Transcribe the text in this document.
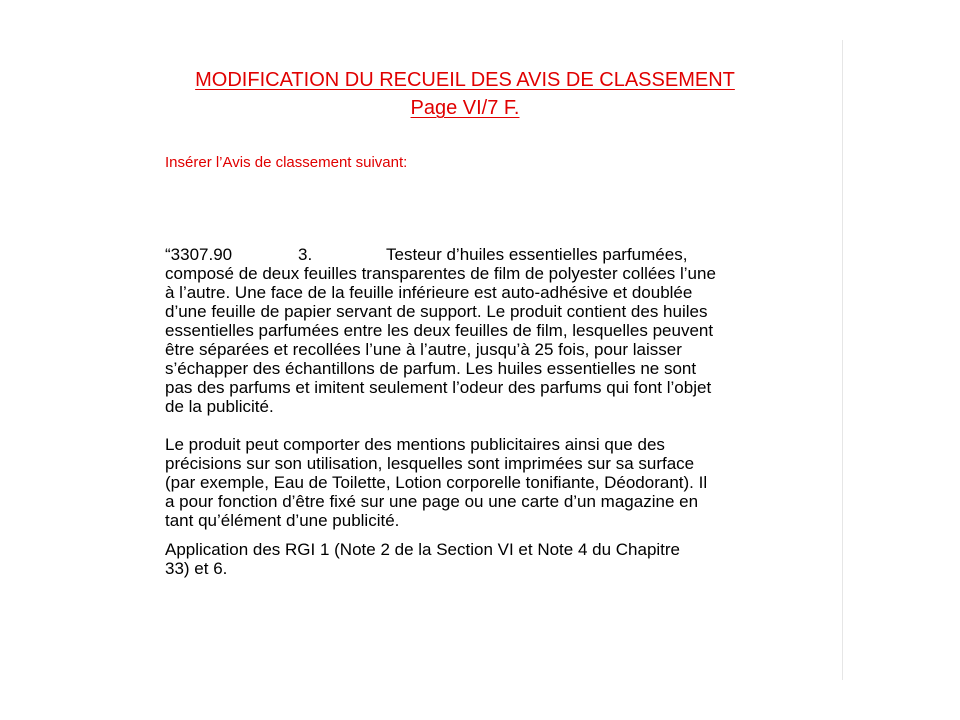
MODIFICATION DU RECUEIL DES AVIS DE CLASSEMENT
Page VI/7 F.
Insérer l’Avis de classement suivant:
“3307.90	3.	Testeur d’huiles essentielles parfumées,
composé de deux feuilles transparentes de film de polyester collées l’une
à l’autre. Une face de la feuille inférieure est auto-adhésive et doublée
d’une feuille de papier servant de support. Le produit contient des huiles
essentielles parfumées entre les deux feuilles de film, lesquelles peuvent
être séparées et recollées l’une à l’autre, jusqu’à 25 fois, pour laisser
s’échapper des échantillons de parfum. Les huiles essentielles ne sont
pas des parfums et imitent seulement l’odeur des parfums qui font l’objet
de la publicité.
Le produit peut comporter des mentions publicitaires ainsi que des
précisions sur son utilisation, lesquelles sont imprimées sur sa surface
(par exemple, Eau de Toilette, Lotion corporelle tonifiante, Déodorant). Il
a pour fonction d’être fixé sur une page ou une carte d’un magazine en
tant qu’élément d’une publicité.
Application des RGI 1 (Note 2 de la Section VI et Note 4 du Chapitre
33) et 6.
